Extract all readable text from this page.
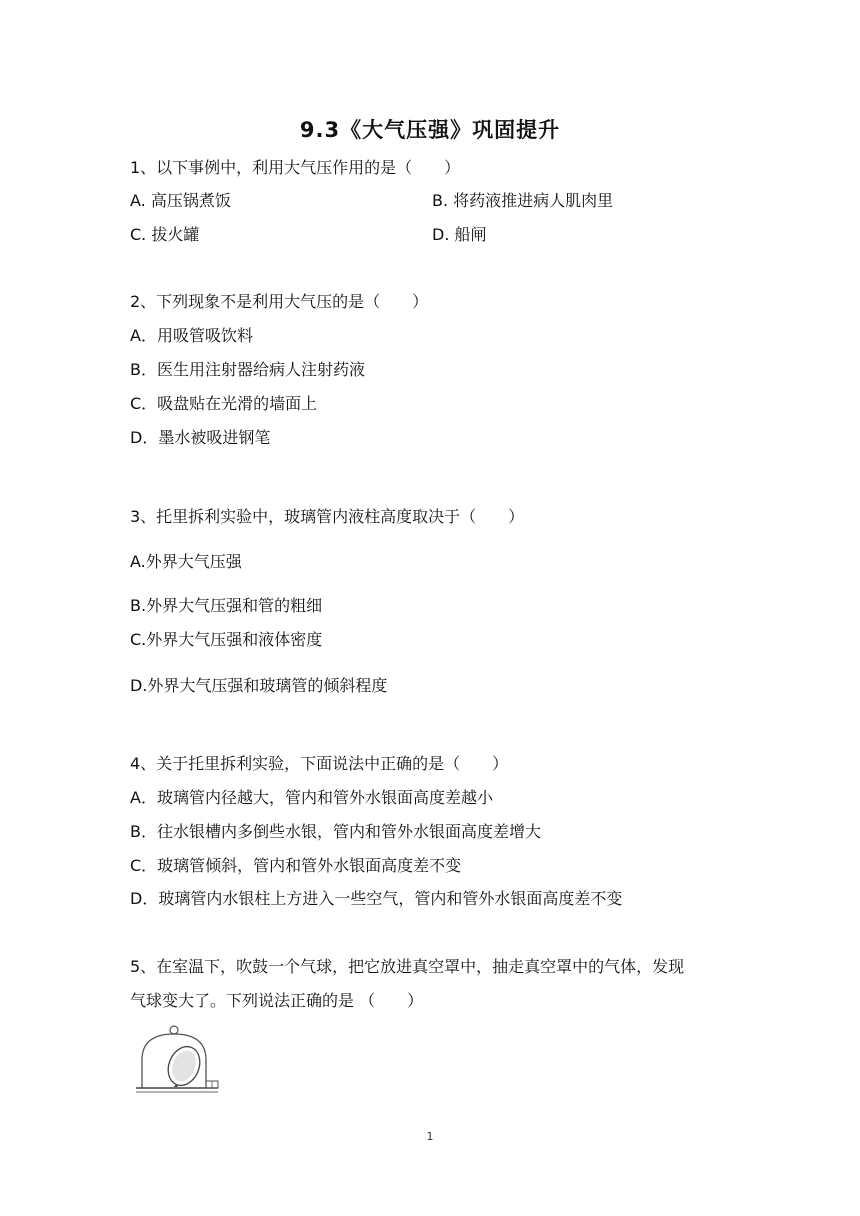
9.3《大气压强》巩固提升
1、以下事例中，利用大气压作用的是（　　）
A. 高压锅煮饭	B. 将药液推进病人肌肉里
C. 拔火罐	D. 船闸
2、下列现象不是利用大气压的是（　　）
A．用吸管吸饮料
B．医生用注射器给病人注射药液
C．吸盘贴在光滑的墙面上
D．墨水被吸进钢笔
3、托里拆利实验中，玻璃管内液柱高度取决于（　　）
A.外界大气压强
B.外界大气压强和管的粗细
C.外界大气压强和液体密度
D.外界大气压强和玻璃管的倾斜程度
4、关于托里拆利实验，下面说法中正确的是（　　）
A．玻璃管内径越大，管内和管外水银面高度差越小
B．往水银槽内多倒些水银，管内和管外水银面高度差增大
C．玻璃管倾斜，管内和管外水银面高度差不变
D．玻璃管内水银柱上方进入一些空气，管内和管外水银面高度差不变
5、在室温下，吹鼓一个气球，把它放进真空罩中，抽走真空罩中的气体，发现
气球变大了。下列说法正确的是 （　　）
1
